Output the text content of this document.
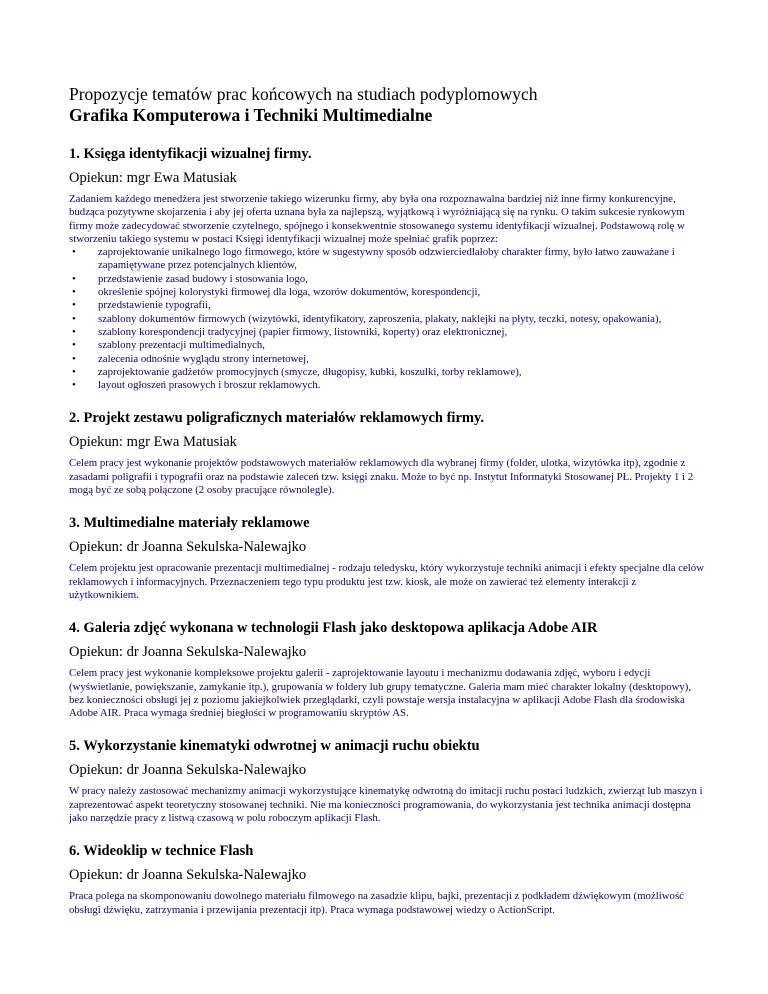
Propozycje tematów prac końcowych na studiach podyplomowych
Grafika Komputerowa i Techniki Multimedialne
1. Księga identyfikacji wizualnej firmy.

Opiekun: mgr Ewa Matusiak

Zadaniem każdego menedżera jest stworzenie takiego wizerunku firmy, aby była ona rozpoznawalna bardziej niż inne firmy konkurencyjne, budząca pozytywne skojarzenia i aby jej oferta uznana była za najlepszą, wyjątkową i wyróżniającą się na rynku. O takim sukcesie rynkowym firmy może zadecydować stworzenie czytelnego, spójnego i konsekwentnie stosowanego systemu identyfikacji wizualnej. Podstawową rolę w stworzeniu takiego systemu w postaci Księgi identyfikacji wizualnej może spełniać grafik poprzez:

• zaprojektowanie unikalnego logo firmowego, które w sugestywny sposób odzwierciedlałoby charakter firmy, było łatwo zauważane i zapamiętywane przez potencjalnych klientów,
• przedstawienie zasad budowy i stosowania logo,
• określenie spójnej kolorystyki firmowej dla loga, wzorów dokumentów, korespondencji,
• przedstawienie typografii,
• szablony dokumentów firmowych (wizytówki, identyfikatory, zaproszenia, plakaty, naklejki na płyty, teczki, notesy, opakowania),
• szablony korespondencji tradycyjnej (papier firmowy, listowniki, koperty) oraz elektronicznej,
• szablony prezentacji multimedialnych,
• zalecenia odnośnie wyglądu strony internetowej,
• zaprojektowanie gadżetów promocyjnych (smycze, długopisy, kubki, koszulki, torby reklamowe),
• layout ogłoszeń prasowych i broszur reklamowych.
2. Projekt zestawu poligraficznych materiałów reklamowych firmy.

Opiekun: mgr Ewa Matusiak

Celem pracy jest wykonanie projektów podstawowych materiałów reklamowych dla wybranej firmy (folder, ulotka, wizytówka itp), zgodnie z zasadami poligrafii i typografii oraz na podstawie zaleceń tzw. księgi znaku. Może to być np. Instytut Informatyki Stosowanej PŁ. Projekty 1 i 2 mogą być ze sobą połączone (2 osoby pracujące równolegle).

3. Multimedialne materiały reklamowe

Opiekun: dr Joanna Sekulska-Nalewajko

Celem projektu jest opracowanie prezentacji multimedialnej - rodzaju teledysku, który wykorzystuje techniki animacji i efekty specjalne dla celów reklamowych i informacyjnych. Przeznaczeniem tego typu produktu jest tzw. kiosk, ale może on zawierać też elementy interakcji z użytkownikiem.

4. Galeria zdjęć wykonana w technologii Flash jako desktopowa aplikacja Adobe AIR

Opiekun: dr Joanna Sekulska-Nalewajko

Celem pracy jest wykonanie kompleksowe projektu galerii - zaprojektowanie layoutu i mechanizmu dodawania zdjęć, wyboru i edycji (wyświetlanie, powiększanie, zamykanie itp.), grupowania w foldery lub grupy tematyczne. Galeria mam mieć charakter lokalny (desktopowy), bez konieczności obsługi jej z poziomu jakiejkolwiek przeglądarki, czyli powstaje wersja instalacyjna w aplikacji Adobe Flash dla środowiska Adobe AIR. Praca wymaga średniej biegłości w programowaniu skryptów AS.

5. Wykorzystanie kinematyki odwrotnej w animacji ruchu obiektu

Opiekun: dr Joanna Sekulska-Nalewajko

W pracy należy zastosować mechanizmy animacji wykorzystujące kinematykę odwrotną do imitacji ruchu postaci ludzkich, zwierząt lub maszyn i zaprezentować aspekt teoretyczny stosowanej techniki. Nie ma konieczności programowania, do wykorzystania jest technika animacji dostępna jako narzędzie pracy z listwą czasową w polu roboczym aplikacji Flash.

6. Wideoklip w technice Flash

Opiekun: dr Joanna Sekulska-Nalewajko

Praca polega na skomponowaniu dowolnego materiału filmowego na zasadzie klipu, bajki, prezentacji z podkładem dźwiękowym (możliwość obsługi dźwięku, zatrzymania i przewijania prezentacji itp). Praca wymaga podstawowej wiedzy o ActionScript.
